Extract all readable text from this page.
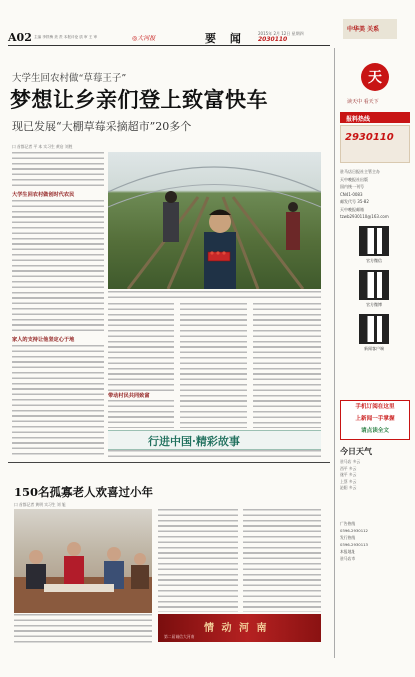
A02 主编 李铁梅 美 责 本报评论 质 审 王 审	◎大河报	要 闻	2015年 2月 12日 星期四
2030110
中华美 关系
大学生回农村做“草莓王子”
梦想让乡亲们登上致富快车
现已发展“大棚草莓采摘超市”20多个
口 首都记者 平 本 实习生 黄启 刘胜
大学生回农村做创时代农民
家人的支持让他坚定心于地
带动村民共同致富
行进中国·精彩故事
150名孤寡老人欢喜过小年
口 首都记者 黄明 实习生 刘 旭
情 动 河 南
第二届诚信大河南
天
读天中 看天下
报料热线
2930110
驻马店日报社主管主办
天中晚报社出版
国内统一刊号
CN41-0083
邮发代号 35-82
天中晚报邮箱
tzwb2930110@163.com
官方微信
官方微博
新闻客户端
手机订阅在这里
上新闻一手掌握
请点读全文
今日天气
驻马店 多云
西平 多云
遂平 多云
上蔡 多云
泌阳 多云
广告热线
0396-2930112
发行热线
0396-2930113
本报地址
驻马店市
